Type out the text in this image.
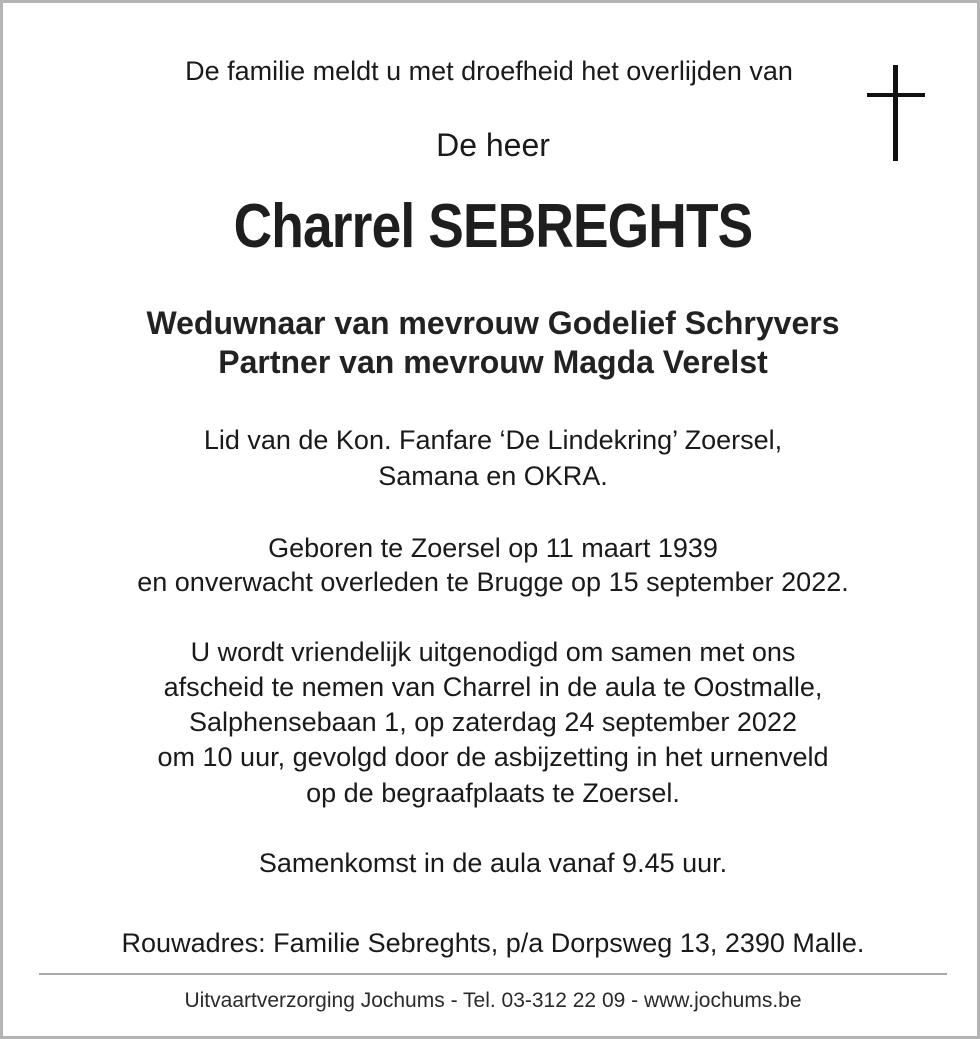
De familie meldt u met droefheid het overlijden van

De heer

Charrel SEBREGHTS

Weduwnaar van mevrouw Godelief Schryvers

Partner van mevrouw Magda Verelst

Lid van de Kon. Fanfare ‘De Lindekring’ Zoersel,

Samana en OKRA.

Geboren te Zoersel op 11 maart 1939

en onverwacht overleden te Brugge op 15 september 2022.

U wordt vriendelijk uitgenodigd om samen met ons

afscheid te nemen van Charrel in de aula te Oostmalle,

Salphensebaan 1, op zaterdag 24 september 2022

om 10 uur, gevolgd door de asbijzetting in het urnenveld

op de begraafplaats te Zoersel.

Samenkomst in de aula vanaf 9.45 uur.

Rouwadres: Familie Sebreghts, p/a Dorpsweg 13, 2390 Malle.

Uitvaartverzorging Jochums - Tel. 03-312 22 09 - www.jochums.be
